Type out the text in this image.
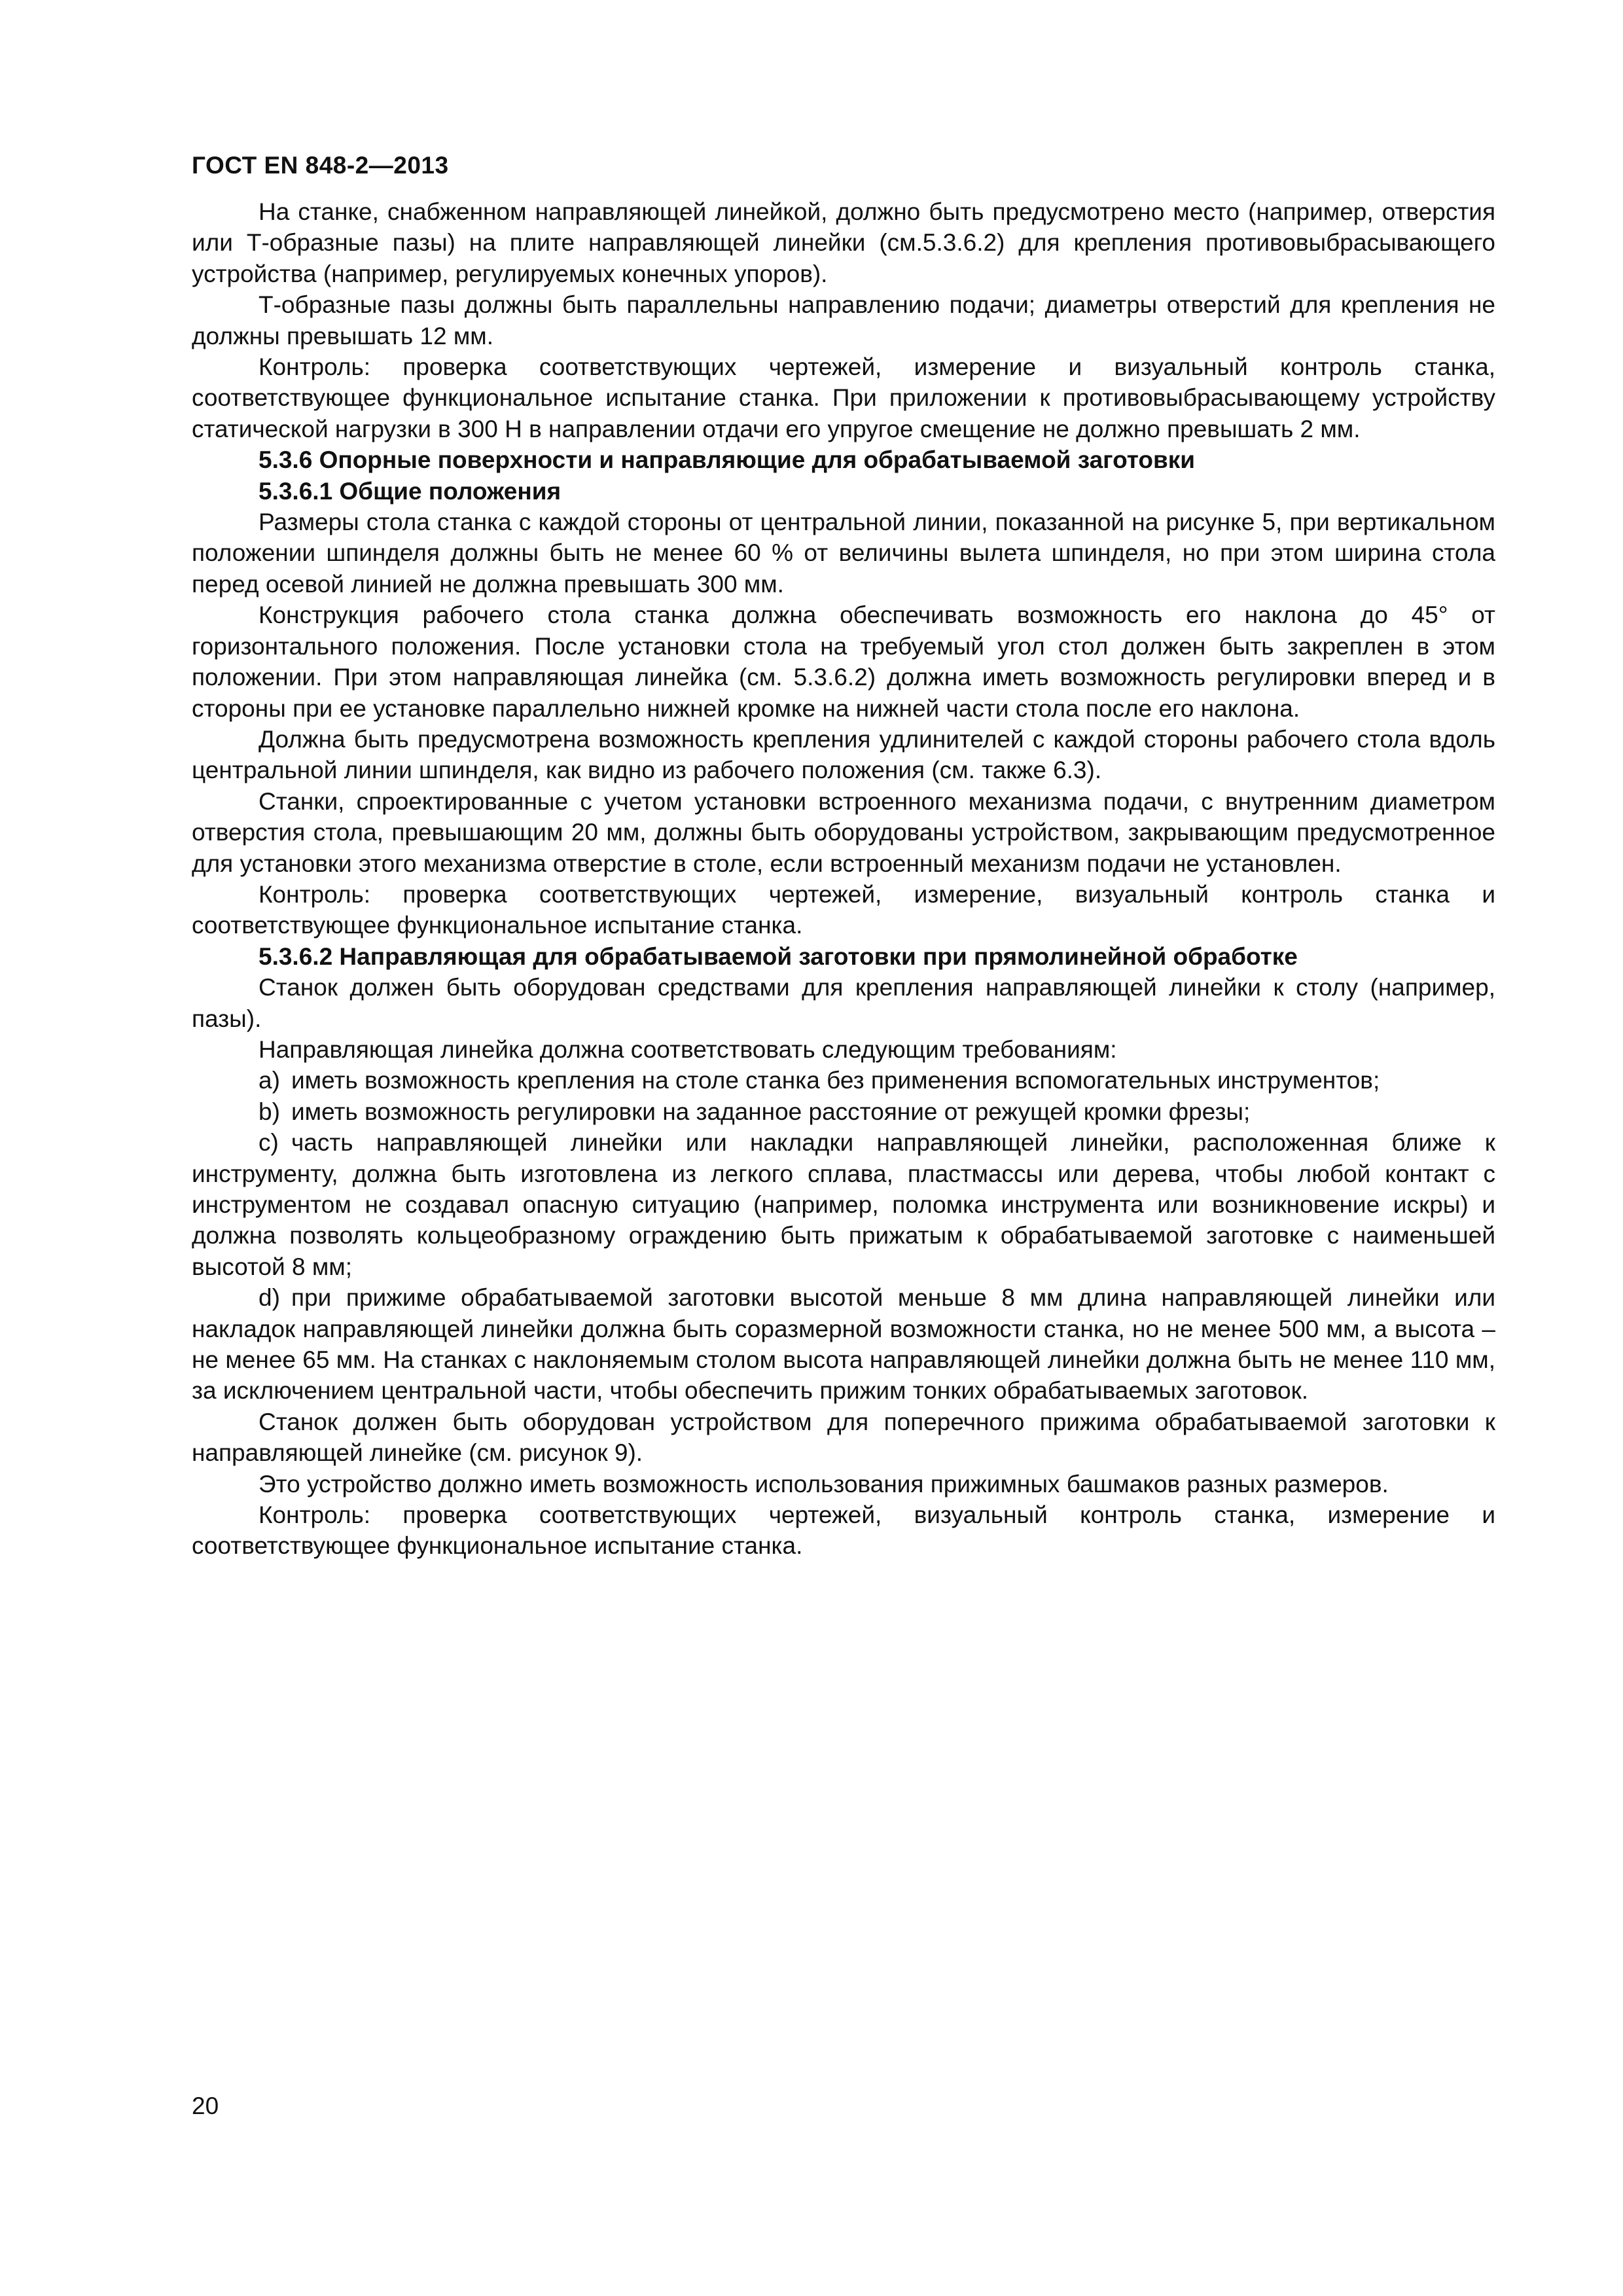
ГОСТ EN 848-2—2013

На станке, снабженном направляющей линейкой, должно быть предусмотрено место (например, отверстия или Т-образные пазы) на плите направляющей линейки (см.5.3.6.2) для крепления противовыбрасывающего устройства (например, регулируемых конечных упоров).

Т-образные пазы должны быть параллельны направлению подачи; диаметры отверстий для крепления не должны превышать 12 мм.

Контроль: проверка соответствующих чертежей, измерение и визуальный контроль станка, соответствующее функциональное испытание станка. При приложении к противовыбрасывающему устройству статической нагрузки в 300 Н в направлении отдачи его упругое смещение не должно превышать 2 мм.

5.3.6 Опорные поверхности и направляющие для обрабатываемой заготовки
5.3.6.1 Общие положения

Размеры стола станка с каждой стороны от центральной линии, показанной на рисунке 5, при вертикальном положении шпинделя должны быть не менее 60 % от величины вылета шпинделя, но при этом ширина стола перед осевой линией не должна превышать 300 мм.

Конструкция рабочего стола станка должна обеспечивать возможность его наклона до 45° от горизонтального положения. После установки стола на требуемый угол стол должен быть закреплен в этом положении. При этом направляющая линейка (см. 5.3.6.2) должна иметь возможность регулировки вперед и в стороны при ее установке параллельно нижней кромке на нижней части стола после его наклона.

Должна быть предусмотрена возможность крепления удлинителей с каждой стороны рабочего стола вдоль центральной линии шпинделя, как видно из рабочего положения (см. также 6.3).

Станки, спроектированные с учетом установки встроенного механизма подачи, с внутренним диаметром отверстия стола, превышающим 20 мм, должны быть оборудованы устройством, закрывающим предусмотренное для установки этого механизма отверстие в столе, если встроенный механизм подачи не установлен.

Контроль: проверка соответствующих чертежей, измерение, визуальный контроль станка и соответствующее функциональное испытание станка.

5.3.6.2 Направляющая для обрабатываемой заготовки при прямолинейной обработке

Станок должен быть оборудован средствами для крепления направляющей линейки к столу (например, пазы).

Направляющая линейка должна соответствовать следующим требованиям:

a) иметь возможность крепления на столе станка без применения вспомогательных инструментов;

b) иметь возможность регулировки на заданное расстояние от режущей кромки фрезы;

c) часть направляющей линейки или накладки направляющей линейки, расположенная ближе к инструменту, должна быть изготовлена из легкого сплава, пластмассы или дерева, чтобы любой контакт с инструментом не создавал опасную ситуацию (например, поломка инструмента или возникновение искры) и должна позволять кольцеобразному ограждению быть прижатым к обрабатываемой заготовке с наименьшей высотой 8 мм;

d) при прижиме обрабатываемой заготовки высотой меньше 8 мм длина направляющей линейки или накладок направляющей линейки должна быть соразмерной возможности станка, но не менее 500 мм, а высота – не менее 65 мм. На станках с наклоняемым столом высота направляющей линейки должна быть не менее 110 мм, за исключением центральной части, чтобы обеспечить прижим тонких обрабатываемых заготовок.

Станок должен быть оборудован устройством для поперечного прижима обрабатываемой заготовки к направляющей линейке (см. рисунок 9).

Это устройство должно иметь возможность использования прижимных башмаков разных размеров.

Контроль: проверка соответствующих чертежей, визуальный контроль станка, измерение и соответствующее функциональное испытание станка.

20
